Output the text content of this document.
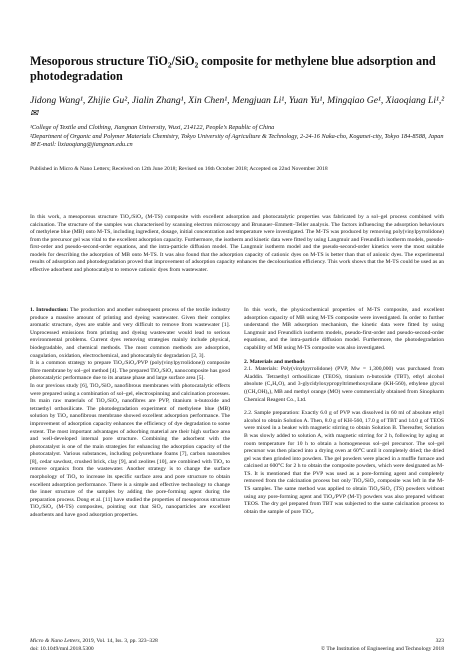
Mesoporous structure TiO₂/SiO₂ composite for methylene blue adsorption and photodegradation
Jidong Wang¹, Zhijie Gu², Jialin Zhang¹, Xin Chen¹, Mengjuan Li¹, Yuan Yu¹, Mingqiao Ge¹, Xiaoqiang Li¹,² ✉
¹College of Textile and Clothing, Jiangnan University, Wuxi, 214122, People’s Republic of China
²Department of Organic and Polymer Materials Chemistry, Tokyo University of Agriculture & Technology, 2-24-16 Naka-cho, Koganei-city, Tokyo 184-8588, Japan
✉ E-mail: lixiaoqiang@jiangnan.edu.cn
Published in Micro & Nano Letters; Received on 12th June 2018; Revised on 16th October 2018; Accepted on 22nd November 2018
In this work, a mesoporous structure TiO₂/SiO₂ (M-TS) composite with excellent adsorption and photocatalytic properties was fabricated by a sol–gel process combined with calcination. The structure of the samples was characterised by scanning electron microscopy and Brunauer–Emmett–Teller analysis. The factors influencing the adsorption behaviours of methylene blue (MB) onto M-TS, including ingredient, dosage, initial concentration and temperature were investigated. The M-TS was produced by removing poly(vinylpyrrolidone) from the precursor gel was vital to the excellent adsorption capacity. Furthermore, the isotherm and kinetic data were fitted by using Langmuir and Freundlich isotherm models, pseudo-first-order and pseudo-second-order equations, and the intra-particle diffusion model. The Langmuir isotherm model and the pseudo-second-order kinetics were the most suitable models for describing the adsorption of MB onto M-TS. It was also found that the adsorption capacity of cationic dyes on M-TS is better than that of anionic dyes. The experimental results of adsorption and photodegradation proved that improvement of adsorption capacity enhances the decolourisation efficiency. This work shows that the M-TS could be used as an effective adsorbent and photocatalyst to remove cationic dyes from wastewater.

1. Introduction: The production and another subsequent process of the textile industry produce a massive amount of printing and dyeing wastewater. Given their complex aromatic structure, dyes are stable and very difficult to remove from wastewater [1]. Unprocessed emissions from printing and dyeing wastewater would lead to serious environmental problems. Current dyes removing strategies mainly include physical, biodegradable, and chemical methods. The most common methods are adsorption, coagulation, oxidation, electrochemical, and photocatalytic degradation [2, 3].

It is a common strategy to prepare TiO₂/SiO₂/PVP (poly(vinylpyrrolidone)) composite fibre membrane by sol–gel method [4]. The prepared TiO₂/SiO₂ nanocomposite has good photocatalytic performance due to its anatase phase and large surface area [5].

In our previous study [6], TiO₂/SiO₂ nanofibrous membranes with photocatalytic effects were prepared using a combination of sol–gel, electrospinning and calcination processes. Its main raw materials of TiO₂/SiO₂ nanofibres are PVP, titanium n-butoxide and tetraethyl orthosilicate. The photodegradation experiment of methylene blue (MB) solution by TiO₂ nanofibrous membrane showed excellent adsorption performance. The improvement of adsorption capacity enhances the efficiency of dye degradation to some extent. The most important advantages of adsorbing material are their high surface area and well-developed internal pore structure. Combining the adsorbent with the photocatalyst is one of the main strategies for enhancing the adsorption capacity of the photocatalyst. Various substances, including polyurethane foams [7], carbon nanotubes [8], cedar sawdust, crushed brick, clay [9], and zeolites [10], are combined with TiO₂ to remove organics from the wastewater. Another strategy is to change the surface morphology of TiO₂ to increase its specific surface area and pore structure to obtain excellent adsorption performance. There is a simple and effective technology to change the inner structure of the samples by adding the pore-forming agent during the preparation process. Dong et al. [11] have studied the properties of mesoporous structure TiO₂/SiO₂ (M-TS) composites, pointing out that SiO₂ nanoparticles are excellent adsorbents and have good adsorption properties.

In this work, the physicochemical properties of M-TS composite, and excellent adsorption capacity of MB using M-TS composite were investigated. In order to further understand the MB adsorption mechanism, the kinetic data were fitted by using Langmuir and Freundlich isotherm models, pseudo-first-order and pseudo-second-order equations, and the intra-particle diffusion model. Furthermore, the photodegradation capability of MB using M-TS composite was also investigated.

2. Materials and methods

2.1. Materials: Poly(vinylpyrrolidone) (PVP, Mw = 1,300,000) was purchased from Aladdin. Tetraethyl orthosilicate (TEOS), titanium n-butoxide (TBT), ethyl alcohol absolute (C₂H₅O), and 3-glycidyloxypropyltrimethoxysilane (KH-560), ethylene glycol ((CH₂OH)₂), MB and methyl orange (MO) were commercially obtained from Sinopharm Chemical Reagent Co., Ltd.

2.2. Sample preparation: Exactly 6.0 g of PVP was dissolved in 60 ml of absolute ethyl alcohol to obtain Solution A. Then, 8.0 g of KH-560, 17.0 g of TBT and 14.0 g of TEOS were mixed in a beaker with magnetic stirring to obtain Solution B. Thereafter, Solution B was slowly added to solution A, with magnetic stirring for 2 h, following by aging at room temperature for 10 h to obtain a homogeneous sol–gel precursor. The sol–gel precursor was then placed into a drying oven at 60°C until it completely dried; the dried gel was then grinded into powders. The gel powders were placed in a muffle furnace and calcined at 600°C for 2 h to obtain the composite powders, which were designated as M-TS. It is mentioned that the PVP was used as a pore-forming agent and completely removed from the calcination process but only TiO₂/SiO₂ composite was left in the M-TS samples. The same method was applied to obtain TiO₂/SiO₂ (TS) powders without using any pore-forming agent and TiO₂/PVP (M-T) powders was also prepared without TEOS. The dry gel prepared from TBT was subjected to the same calcination process to obtain the sample of pure TiO₂.

Micro & Nano Letters, 2019, Vol. 14, Iss. 3, pp. 323–328
doi: 10.1049/mnl.2018.5300
323
© The Institution of Engineering and Technology 2018
